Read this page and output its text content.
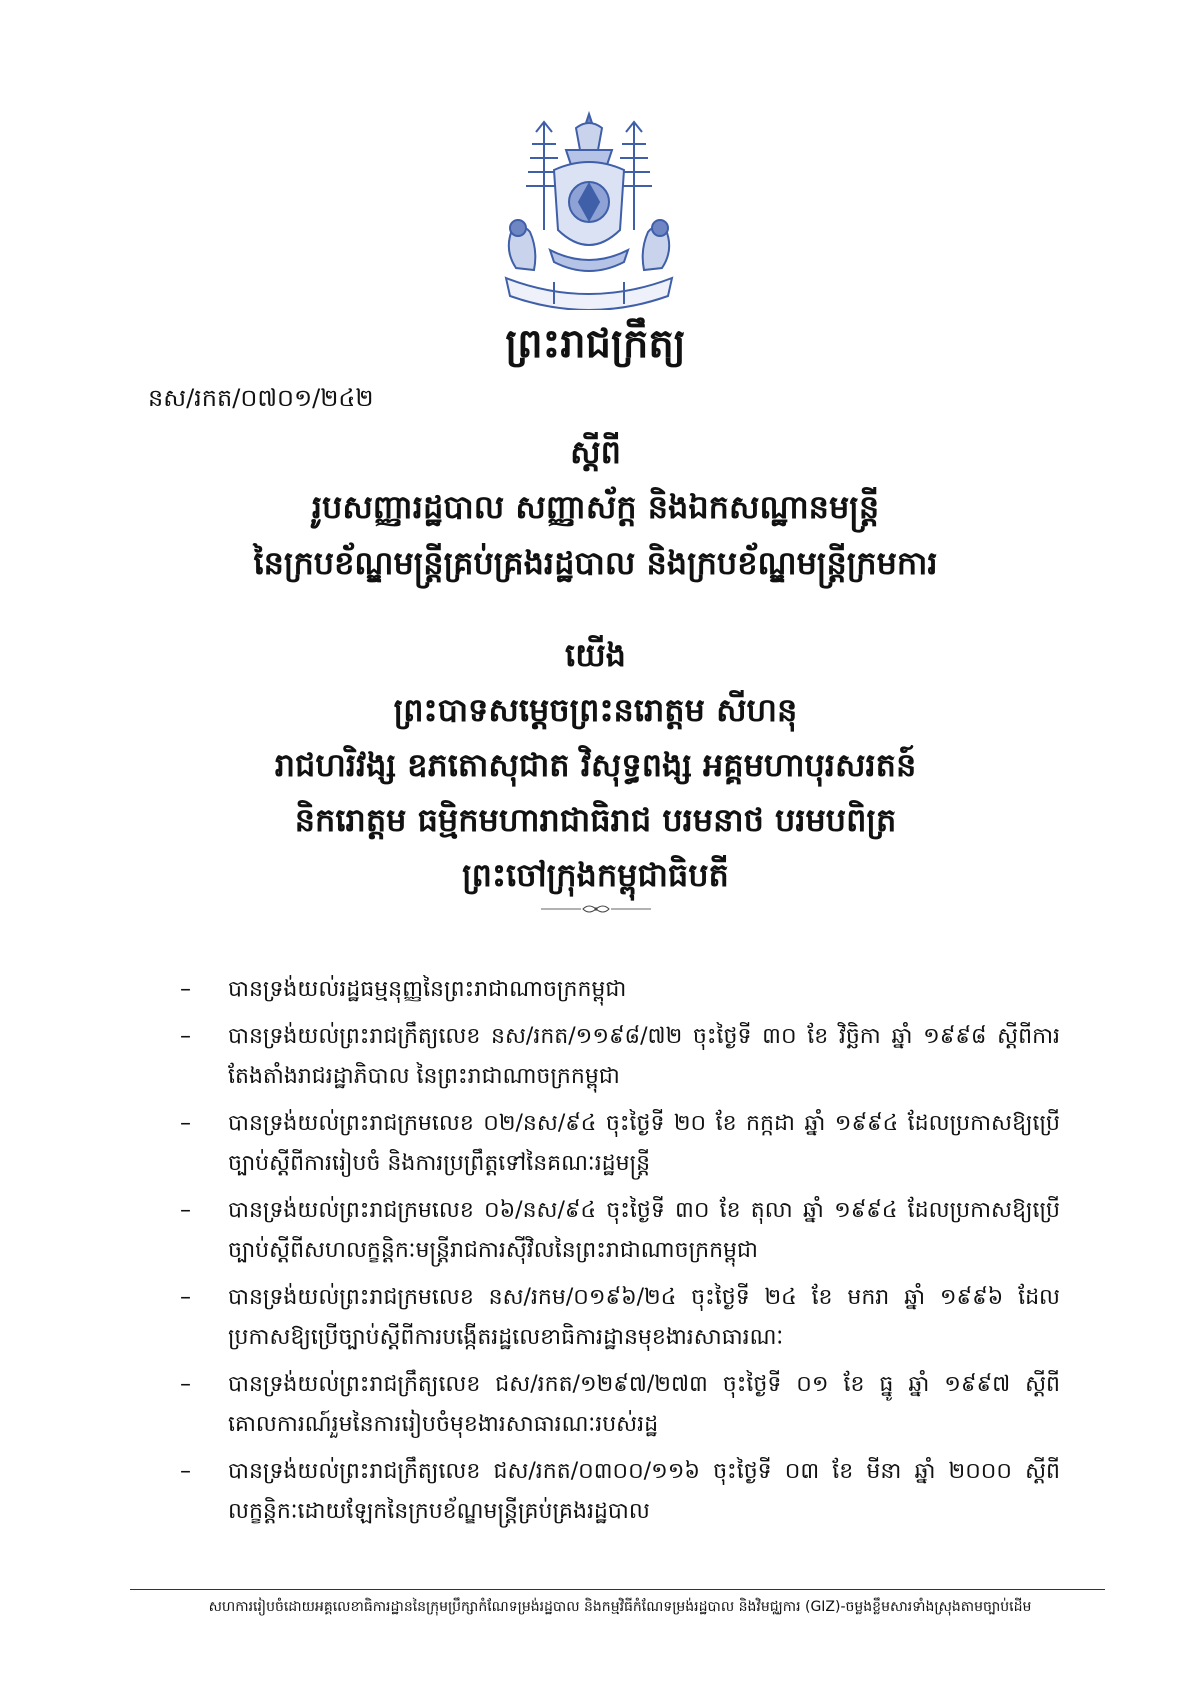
ព្រះរាជក្រឹត្យ
នស/រកត/០៧០១/២៤២
ស្ដីពី
រូបសញ្ញារដ្ឋបាល សញ្ញាស័ក្ដ និងឯកសណ្ឋានមន្ត្រី
នៃក្របខ័ណ្ឌមន្ត្រីគ្រប់គ្រងរដ្ឋបាល និងក្របខ័ណ្ឌមន្ត្រីក្រមការ
យើង
ព្រះបាទសម្ដេចព្រះនរោត្ដម សីហនុ
រាជហរិវង្ស ឧភតោសុជាត វិសុទ្ធពង្ស អគ្គមហាបុរសរតន៍
និករោត្ដម ធម្មិកមហារាជាធិរាជ បរមនាថ បរមបពិត្រ
ព្រះចៅក្រុងកម្ពុជាធិបតី
–	បានទ្រង់យល់រដ្ឋធម្មនុញ្ញនៃព្រះរាជាណាចក្រកម្ពុជា
–	បានទ្រង់យល់ព្រះរាជក្រឹត្យលេខ នស/រកត/១១៩៨/៧២ ចុះថ្ងៃទី ៣០ ខែ វិច្ឆិកា ឆ្នាំ ១៩៩៨ ស្ដីពីការតែងតាំងរាជរដ្ឋាភិបាល នៃព្រះរាជាណាចក្រកម្ពុជា
–	បានទ្រង់យល់ព្រះរាជក្រមលេខ ០២/នស/៩៤ ចុះថ្ងៃទី ២០ ខែ កក្កដា ឆ្នាំ ១៩៩៤ ដែលប្រកាសឱ្យប្រើច្បាប់ស្ដីពីការរៀបចំ និងការប្រព្រឹត្តទៅនៃគណៈរដ្ឋមន្ត្រី
–	បានទ្រង់យល់ព្រះរាជក្រមលេខ ០៦/នស/៩៤ ចុះថ្ងៃទី ៣០ ខែ តុលា ឆ្នាំ ១៩៩៤ ដែលប្រកាសឱ្យប្រើច្បាប់ស្ដីពីសហលក្ខន្តិកៈមន្ត្រីរាជការស៊ីវិលនៃព្រះរាជាណាចក្រកម្ពុជា
–	បានទ្រង់យល់ព្រះរាជក្រមលេខ នស/រកម/០១៩៦/២៤ ចុះថ្ងៃទី ២៤ ខែ មករា ឆ្នាំ ១៩៩៦ ដែលប្រកាសឱ្យប្រើច្បាប់ស្ដីពីការបង្កើតរដ្ឋលេខាធិការដ្ឋានមុខងារសាធារណៈ
–	បានទ្រង់យល់ព្រះរាជក្រឹត្យលេខ ជស/រកត/១២៩៧/២៧៣ ចុះថ្ងៃទី ០១ ខែ ធ្នូ ឆ្នាំ ១៩៩៧ ស្ដីពីគោលការណ៍រួមនៃការរៀបចំមុខងារសាធារណៈរបស់រដ្ឋ
–	បានទ្រង់យល់ព្រះរាជក្រឹត្យលេខ ជស/រកត/០៣០០/១១៦ ចុះថ្ងៃទី ០៣ ខែ មីនា ឆ្នាំ ២០០០ ស្ដីពីលក្ខន្តិកៈដោយឡែកនៃក្របខ័ណ្ឌមន្ត្រីគ្រប់គ្រងរដ្ឋបាល
សហការរៀបចំដោយអគ្គលេខាធិការដ្ឋាននៃក្រុមប្រឹក្សាកំណែទម្រង់រដ្ឋបាល និងកម្មវិធីកំណែទម្រង់រដ្ឋបាល និងវិមជ្ឈការ (GIZ)-ចម្លងខ្លឹមសារទាំងស្រុងតាមច្បាប់ដើម
